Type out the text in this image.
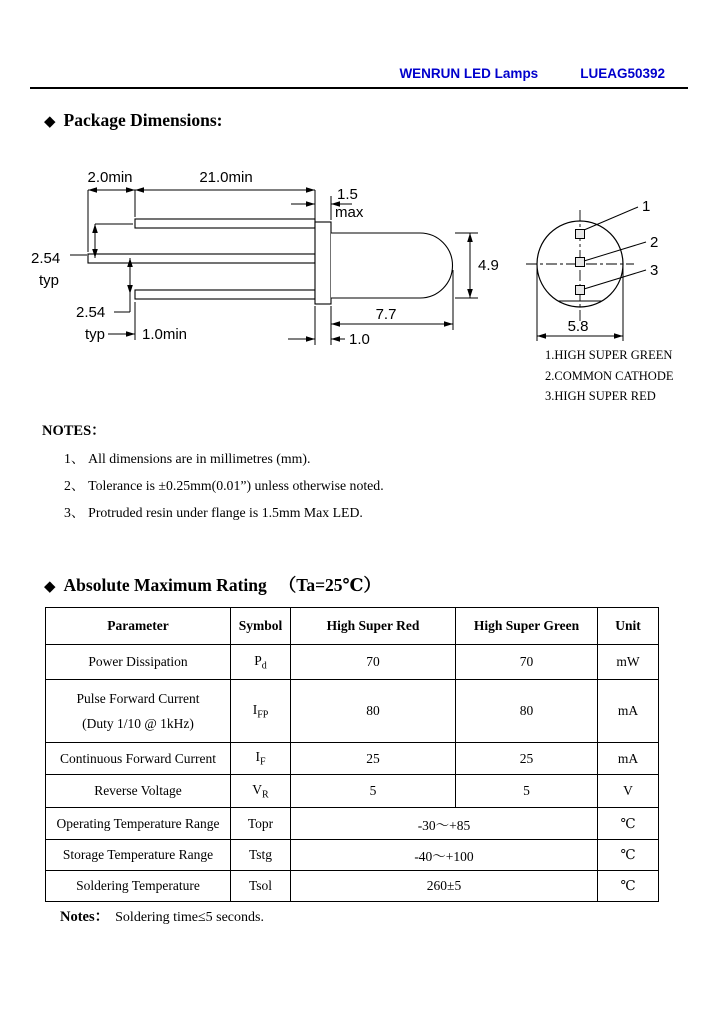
WENRUN LED Lamps	LUEAG50392
◆ Package Dimensions:
2.0min	21.0min
1.5
max
2.54
typ
2.54
typ 1.0min
4.9
7.7
1.0
5.8
1
2
3
1.HIGH SUPER GREEN
2.COMMON CATHODE
3.HIGH SUPER RED
NOTES：
1、 All dimensions are in millimetres (mm).
2、 Tolerance is ±0.25mm(0.01”) unless otherwise noted.
3、 Protruded resin under flange is 1.5mm Max LED.
◆ Absolute Maximum Rating （Ta=25℃）
Parameter	Symbol	High Super Red	High Super Green	Unit
Power Dissipation	$P_d$	70	70	mW

Pulse Forward Current
(Duty 1/10 @ 1kHz)	$I_{FP}$	80	80	mA
Continuous Forward Current	$I_F$	25	25	mA
Reverse Voltage	$V_R$	5	5	V
Operating Temperature Range	Topr	-30～+85		℃
Storage Temperature Range	Tstg	-40～+100		℃
Soldering Temperature	Tsol	260±5		℃
Notes： Soldering time≤5 seconds.
